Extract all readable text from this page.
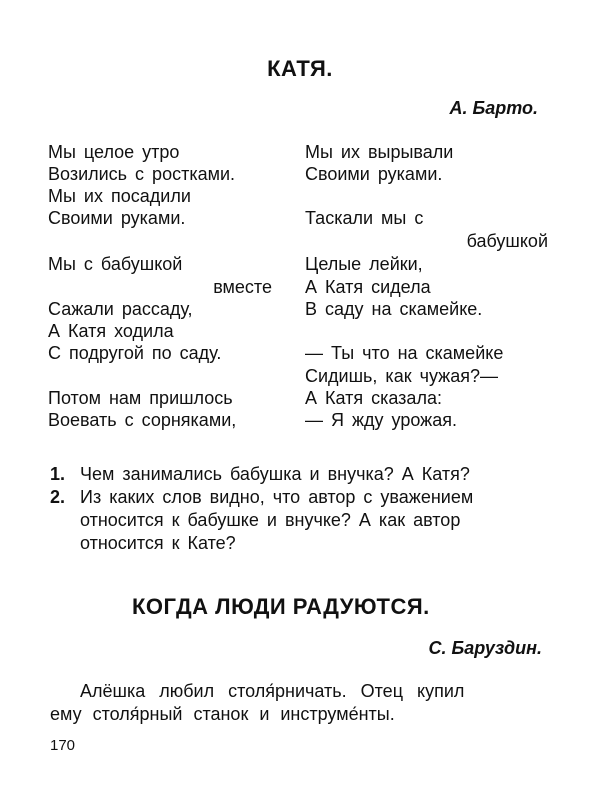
КАТЯ.
А. Барто.
Мы целое утро
Возились с ростками.
Мы их посадили
Своими руками.
Мы с бабушкой
вместе
Сажали рассаду,
А Катя ходила
С подругой по саду.
Потом нам пришлось
Воевать с сорняками,
Мы их вырывали
Своими руками.
Таскали мы с
бабушкой
Целые лейки,
А Катя сидела
В саду на скамейке.
— Ты что на скамейке
Сидишь, как чужая?—
А Катя сказала:
— Я жду урожая.
1. Чем занимались бабушка и внучка? А Катя?
2. Из каких слов видно, что автор с уважением
относится к бабушке и внучке? А как автор
относится к Кате?
КОГДА ЛЮДИ РАДУЮТСЯ.
С. Баруздин.
Алёшка любил столя́рничать. Отец купил
ему столя́рный станок и инструме́нты.
170
